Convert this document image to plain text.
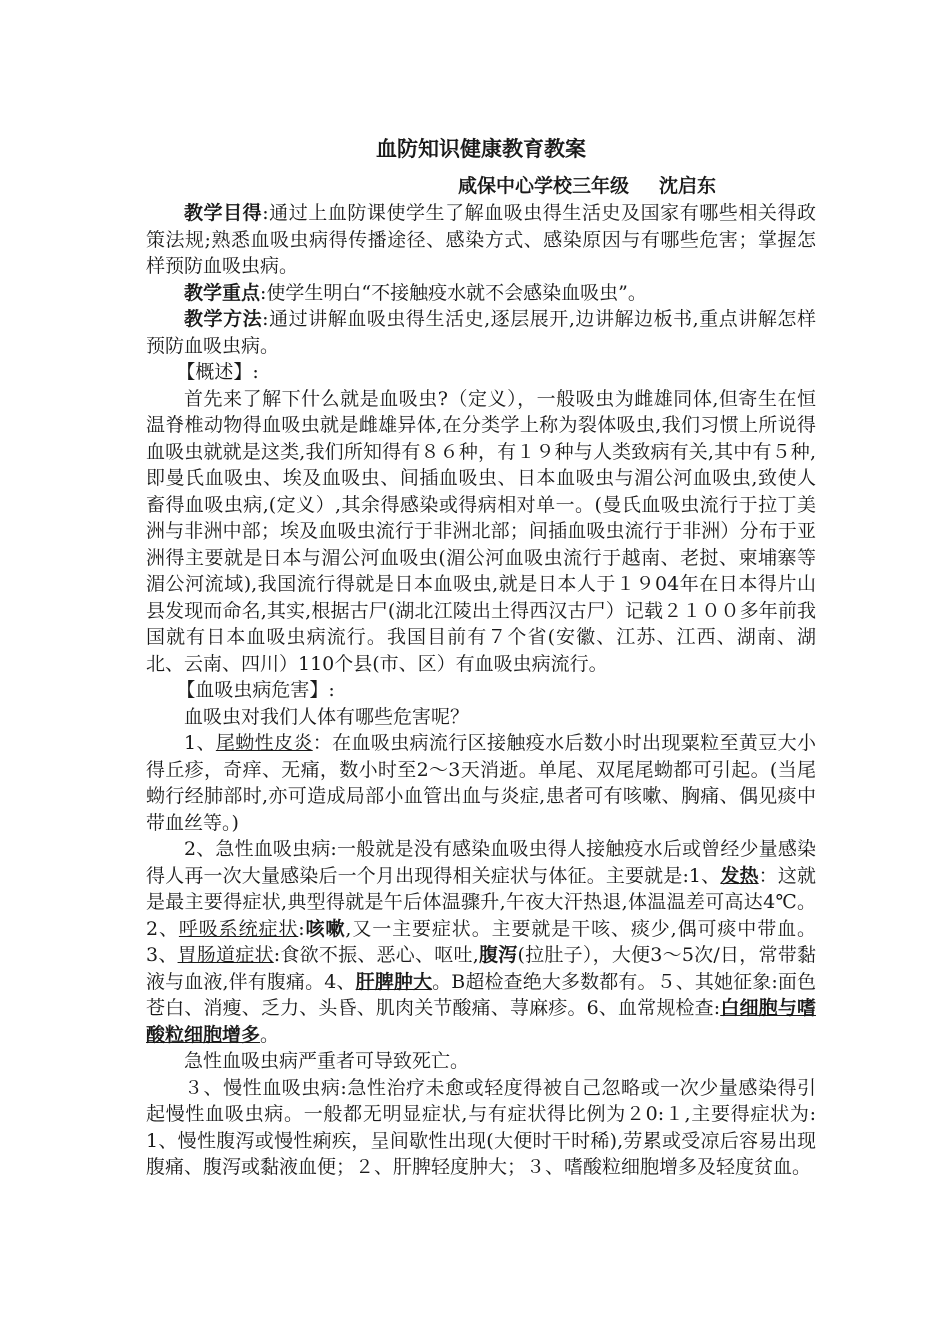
血防知识健康教育教案
咸保中心学校三年级 沈启东

教学目得:通过上血防课使学生了解血吸虫得生活史及国家有哪些相关得政策法规;熟悉血吸虫病得传播途径、感染方式、感染原因与有哪些危害；掌握怎样预防血吸虫病。

教学重点:使学生明白“不接触疫水就不会感染血吸虫”。

教学方法:通过讲解血吸虫得生活史,逐层展开,边讲解边板书,重点讲解怎样预防血吸虫病。

【概述】:

首先来了解下什么就是血吸虫?（定义），一般吸虫为雌雄同体,但寄生在恒温脊椎动物得血吸虫就是雌雄异体,在分类学上称为裂体吸虫,我们习惯上所说得血吸虫就就是这类,我们所知得有８６种，有１９种与人类致病有关,其中有５种,即曼氏血吸虫、埃及血吸虫、间插血吸虫、日本血吸虫与湄公河血吸虫,致使人畜得血吸虫病,(定义）,其余得感染或得病相对单一。(曼氏血吸虫流行于拉丁美洲与非洲中部；埃及血吸虫流行于非洲北部；间插血吸虫流行于非洲）分布于亚洲得主要就是日本与湄公河血吸虫(湄公河血吸虫流行于越南、老挝、柬埔寨等湄公河流域),我国流行得就是日本血吸虫,就是日本人于１９04年在日本得片山县发现而命名,其实,根据古尸(湖北江陵出土得西汉古尸）记载２１００多年前我国就有日本血吸虫病流行。我国目前有７个省(安徽、江苏、江西、湖南、湖北、云南、四川）110个县(市、区）有血吸虫病流行。

【血吸虫病危害】:

血吸虫对我们人体有哪些危害呢？

1、尾蚴性皮炎：在血吸虫病流行区接触疫水后数小时出现粟粒至黄豆大小得丘疹，奇痒、无痛，数小时至2～3天消逝。单尾、双尾尾蚴都可引起。(当尾蚴行经肺部时,亦可造成局部小血管出血与炎症,患者可有咳嗽、胸痛、偶见痰中带血丝等。)

2、急性血吸虫病:一般就是没有感染血吸虫得人接触疫水后或曾经少量感染得人再一次大量感染后一个月出现得相关症状与体征。主要就是:1、发热：这就是最主要得症状,典型得就是午后体温骤升,午夜大汗热退,体温温差可高达4℃。2、呼吸系统症状:咳嗽,又一主要症状。主要就是干咳、痰少,偶可痰中带血。 3、胃肠道症状:食欲不振、恶心、呕吐,腹泻(拉肚子），大便3～5次/日，常带黏液与血液,伴有腹痛。4、肝脾肿大。B超检查绝大多数都有。５、其她征象:面色苍白、消瘦、乏力、头昏、肌肉关节酸痛、荨麻疹。6、血常规检查:白细胞与嗜酸粒细胞增多。

急性血吸虫病严重者可导致死亡。

３、慢性血吸虫病:急性治疗未愈或轻度得被自己忽略或一次少量感染得引起慢性血吸虫病。一般都无明显症状,与有症状得比例为２0:１,主要得症状为:1、慢性腹泻或慢性痢疾，呈间歇性出现(大便时干时稀),劳累或受凉后容易出现腹痛、腹泻或黏液血便；２、肝脾轻度肿大；３、嗜酸粒细胞增多及轻度贫血。
